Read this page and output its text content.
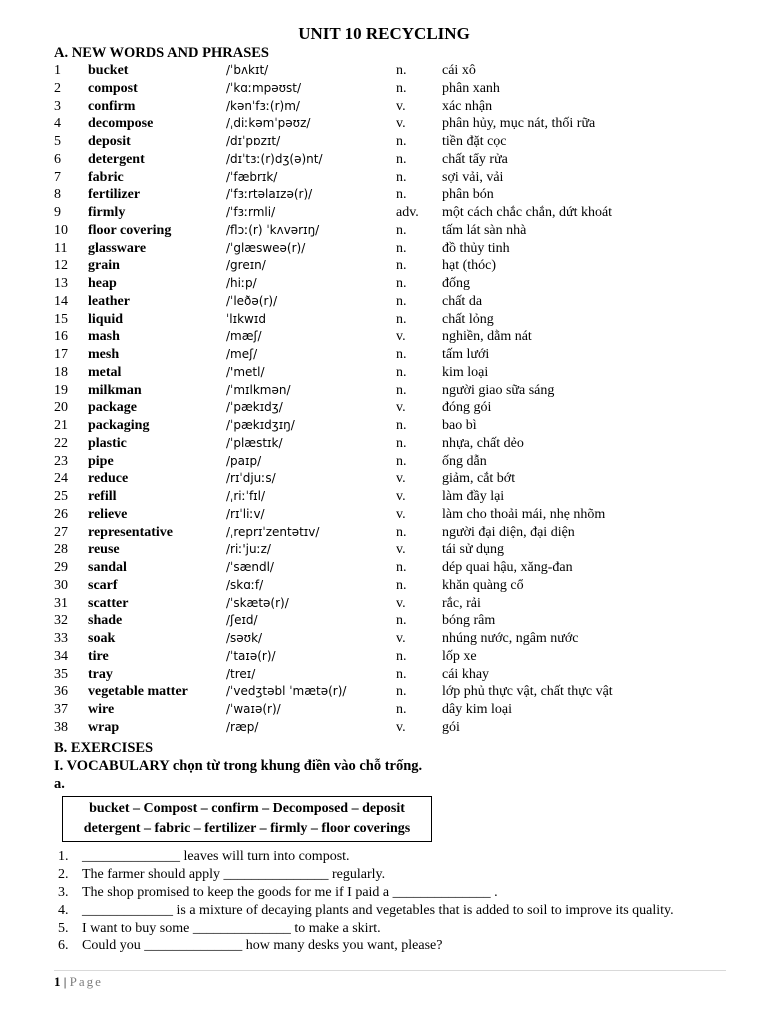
UNIT 10 RECYCLING
A. NEW WORDS AND PHRASES
1 bucket	/ˈbʌkɪt/	n.	cái xô
2 compost	/ˈkɑːmpəʊst/	n.	phân xanh
3 confirm	/kənˈfɜː(r)m/	v.	xác nhận
4 decompose	/ˌdiːkəmˈpəʊz/	v.	phân hủy, mục nát, thối rữa
5 deposit	/dɪˈpɒzɪt/	n.	tiền đặt cọc
6 detergent	/dɪˈtɜː(r)dʒ(ə)nt/	n.	chất tẩy rửa
7 fabric	/ˈfæbrɪk/	n.	sợi vải, vải
8 fertilizer	/ˈfɜːrtəlaɪzə(r)/	n.	phân bón
9 firmly	/ˈfɜːrmli/	adv. một cách chắc chắn, dứt khoát
10 floor covering	/flɔː(r) ˈkʌvərɪŋ/	n.	tấm lát sàn nhà
11 glassware	/ˈglæsweə(r)/	n.	đồ thủy tinh
12 grain	/greɪn/	n.	hạt (thóc)
13 heap	/hiːp/	n.	đống
14 leather	/ˈleðə(r)/	n.	chất da
15 liquid	ˈlɪkwɪd	n.	chất lỏng
16 mash	/mæʃ/	v.	nghiền, dằm nát
17 mesh	/meʃ/	n.	tấm lưới
18 metal	/'metl/	n.	kim loại
19 milkman	/ˈmɪlkmən/	n.	người giao sữa sáng
20 package	/ˈpækɪdʒ/	v.	đóng gói
21 packaging	/ˈpækɪdʒɪŋ/	n.	bao bì
22 plastic	/ˈplæstɪk/	n.	nhựa, chất dẻo
23 pipe	/paɪp/	n.	ống dẫn
24 reduce	/rɪˈdjuːs/	v.	giảm, cắt bớt
25 refill	/ˌriːˈfɪl/	v.	làm đầy lại
26 relieve	/rɪˈliːv/	v.	làm cho thoải mái, nhẹ nhõm
27 representative	/ˌreprɪˈzentətɪv/	n.	người đại diện, đại diện
28 reuse	/riː'juːz/	v.	tái sử dụng
29 sandal	/ˈsændl/	n.	dép quai hậu, xăng-đan
30 scarf	/skɑːf/	n.	khăn quàng cổ
31 scatter	/ˈskætə(r)/	v.	rắc, rải
32 shade	/ʃeɪd/	n.	bóng râm
33 soak	/səʊk/	v.	nhúng nước, ngâm nước
34 tire	/ˈtaɪə(r)/	n.	lốp xe
35 tray	/treɪ/	n.	cái khay
36 vegetable matter	/ˈvedʒtəbl ˈmætə(r)/	n.	lớp phủ thực vật, chất thực vật
37 wire	/ˈwaɪə(r)/	n.	dây kim loại
38 wrap	/ræp/	v.	gói
B. EXERCISES
I. VOCABULARY chọn từ trong khung điền vào chỗ trống.
a.
bucket – Compost – confirm – Decomposed – deposit
detergent – fabric – fertilizer – firmly – floor coverings
1. ______________ leaves will turn into compost.
2. The farmer should apply _______________ regularly.
3. The shop promised to keep the goods for me if I paid a ______________ .
4. _____________ is a mixture of decaying plants and vegetables that is added to soil to improve its quality.
5. I want to buy some ______________ to make a skirt.
6. Could you ______________ how many desks you want, please?
1 | Page
